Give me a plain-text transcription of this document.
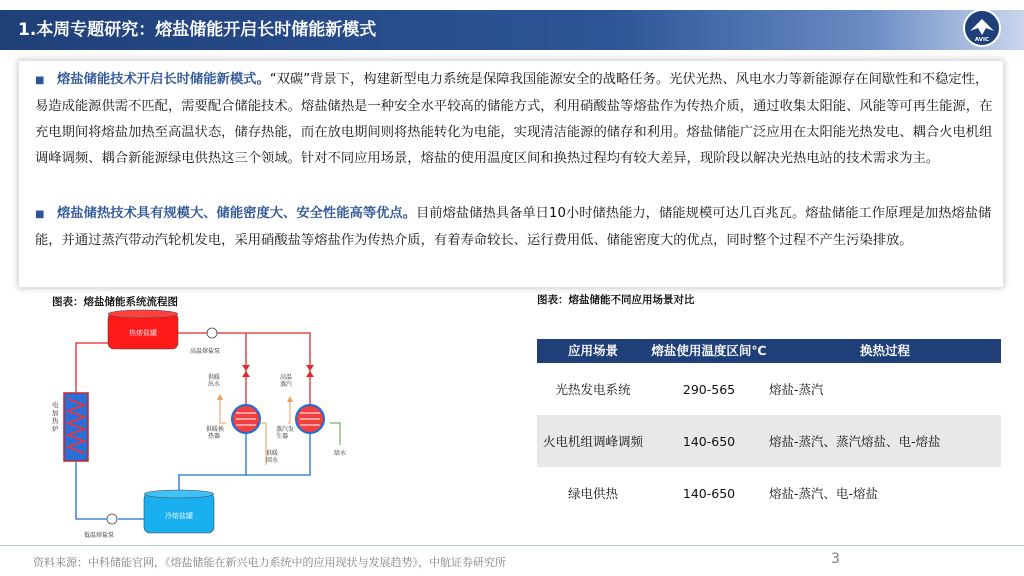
1.本周专题研究：熔盐储能开启长时储能新模式	AVIC
■ 熔盐储能技术开启长时储能新模式。“双碳”背景下，构建新型电力系统是保障我国能源安全的战略任务。光伏光热、风电水力等新能源存在间歇性和不稳定性，易造成能源供需不匹配，需要配合储能技术。熔盐储热是一种安全水平较高的储能方式，利用硝酸盐等熔盐作为传热介质，通过收集太阳能、风能等可再生能源，在充电期间将熔盐加热至高温状态，储存热能，而在放电期间则将热能转化为电能，实现清洁能源的储存和利用。熔盐储能广泛应用在太阳能光热发电、耦合火电机组调峰调频、耦合新能源绿电供热这三个领域。针对不同应用场景，熔盐的使用温度区间和换热过程均有较大差异，现阶段以解决光热电站的技术需求为主。
■ 熔盐储热技术具有规模大、储能密度大、安全性能高等优点。目前熔盐储热具备单日10小时储热能力，储能规模可达几百兆瓦。熔盐储能工作原理是加热熔盐储能，并通过蒸汽带动汽轮机发电，采用硝酸盐等熔盐作为传热介质，有着寿命较长、运行费用低、储能密度大的优点，同时整个过程不产生污染排放。
图表：熔盐储能系统流程图	图表：熔盐储能不同应用场景对比
热熔盐罐
冷熔盐罐
电加热炉
高温熔盐泵
供暖出水
高温蒸汽
供暖换热器
蒸汽发生器
供暖回水
给水
低温熔盐泵
应用场景	熔盐使用温度区间℃	换热过程
光热发电系统	290-565	熔盐-蒸汽
火电机组调峰调频	140-650	熔盐-蒸汽、蒸汽熔盐、电-熔盐
绿电供热	140-650	熔盐-蒸汽、电-熔盐
资料来源：中科储能官网，《熔盐储能在新兴电力系统中的应用现状与发展趋势》，中航证券研究所	3
